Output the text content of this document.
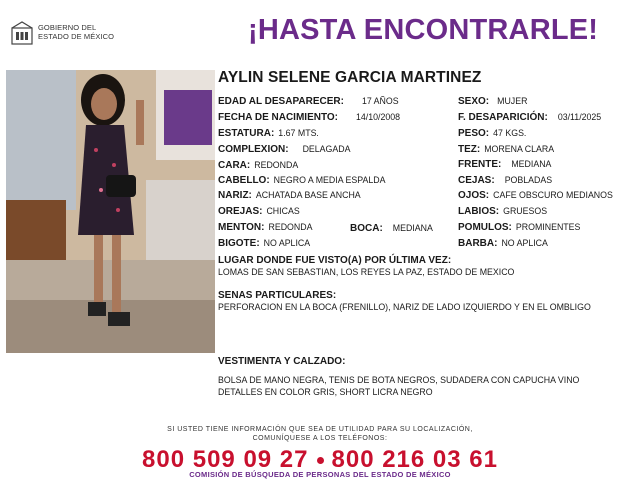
GOBIERNO DEL
ESTADO DE MÉXICO	¡HASTA ENCONTRARLE!
AYLIN SELENE GARCIA MARTINEZ
EDAD AL DESAPARECER: 17 AÑOS
FECHA DE NACIMIENTO: 14/10/2008
ESTATURA: 1.67 MTS.
COMPLEXION: DELAGADA
CARA: REDONDA
CABELLO: NEGRO A MEDIA ESPALDA
NARIZ: ACHATADA BASE ANCHA
OREJAS: CHICAS
MENTON: REDONDA
BIGOTE: NO APLICA
BOCA: MEDIANA
SEXO: MUJER
F. DESAPARICIÓN: 03/11/2025
PESO: 47 KGS.
TEZ: MORENA CLARA
FRENTE: MEDIANA
CEJAS: POBLADAS
OJOS: CAFE OBSCURO MEDIANOS
LABIOS: GRUESOS
POMULOS: PROMINENTES
BARBA: NO APLICA
LUGAR DONDE FUE VISTO(A) POR ÚLTIMA VEZ:
LOMAS DE SAN SEBASTIAN, LOS REYES LA PAZ, ESTADO DE MEXICO
SENAS PARTICULARES:
PERFORACION EN LA BOCA (FRENILLO), NARIZ DE LADO IZQUIERDO Y EN EL OMBLIGO
VESTIMENTA Y CALZADO:
BOLSA DE MANO NEGRA, TENIS DE BOTA NEGROS, SUDADERA CON CAPUCHA VINO
DETALLES EN COLOR GRIS, SHORT LICRA NEGRO
SI USTED TIENE INFORMACIÓN QUE SEA DE UTILIDAD PARA SU LOCALIZACIÓN,
COMUNÍQUESE A LOS TELÉFONOS:
800 509 09 27 800 216 03 61
COMISIÓN DE BÚSQUEDA DE PERSONAS DEL ESTADO DE MÉXICO
